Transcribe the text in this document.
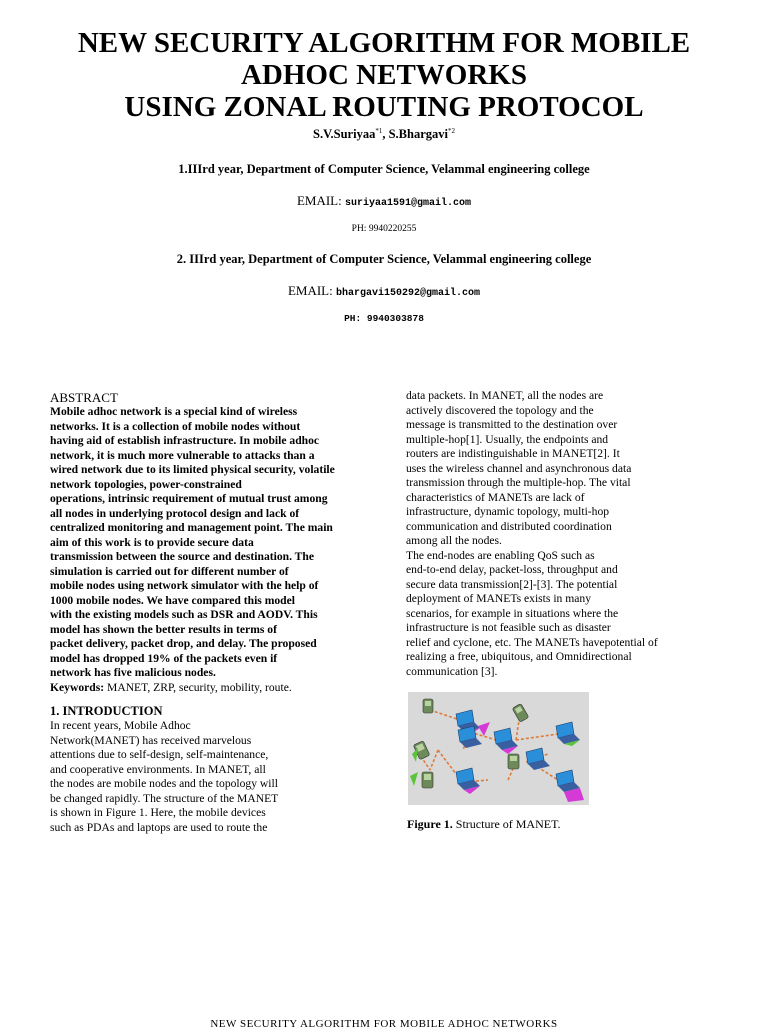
NEW SECURITY ALGORITHM FOR MOBILE
ADHOC NETWORKS
USING ZONAL ROUTING PROTOCOL
S.V.Suriyaa$^{*1}$, S.Bhargavi$^{*2}$
1.IIIrd year, Department of Computer Science, Velammal engineering college
EMAIL: suriyaa1591@gmail.com
PH: 9940220255
2. IIIrd year, Department of Computer Science, Velammal engineering college
EMAIL: bhargavi150292@gmail.com
PH: 9940303878
ABSTRACT
Mobile adhoc network is a special kind of wireless
networks. It is a collection of mobile nodes without
having aid of establish infrastructure. In mobile adhoc
network, it is much more vulnerable to attacks than a
wired network due to its limited physical security, volatile
network topologies, power-constrained
operations, intrinsic requirement of mutual trust among
all nodes in underlying protocol design and lack of
centralized monitoring and management point. The main
aim of this work is to provide secure data
transmission between the source and destination. The
simulation is carried out for different number of
mobile nodes using network simulator with the help of
1000 mobile nodes. We have compared this model
with the existing models such as DSR and AODV. This
model has shown the better results in terms of
packet delivery, packet drop, and delay. The proposed
model has dropped 19% of the packets even if
network has five malicious nodes.
Keywords: MANET, ZRP, security, mobility, route.
1. INTRODUCTION
In recent years, Mobile Adhoc
Network(MANET) has received marvelous
attentions due to self-design, self-maintenance,
and cooperative environments. In MANET, all
the nodes are mobile nodes and the topology will
be changed rapidly. The structure of the MANET
is shown in Figure 1. Here, the mobile devices
such as PDAs and laptops are used to route the
data packets. In MANET, all the nodes are
actively discovered the topology and the
message is transmitted to the destination over
multiple-hop[1]. Usually, the endpoints and
routers are indistinguishable in MANET[2]. It
uses the wireless channel and asynchronous data
transmission through the multiple-hop. The vital
characteristics of MANETs are lack of
infrastructure, dynamic topology, multi-hop
communication and distributed coordination
among all the nodes.
The end-nodes are enabling QoS such as
end-to-end delay, packet-loss, throughput and
secure data transmission[2]-[3]. The potential
deployment of MANETs exists in many
scenarios, for example in situations where the
infrastructure is not feasible such as disaster
relief and cyclone, etc. The MANETs havepotential of
realizing a free, ubiquitous, and Omnidirectional
communication [3].
Figure 1. Structure of MANET.
NEW SECURITY ALGORITHM FOR MOBILE ADHOC NETWORKS
